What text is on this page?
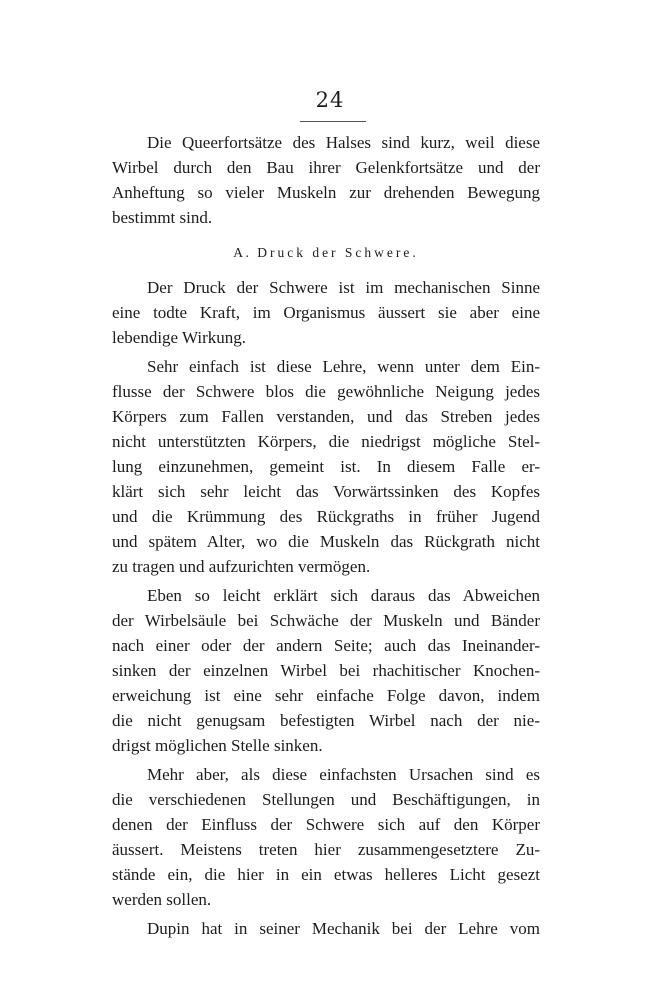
24

Die Queerfortsätze des Halses sind kurz, weil diese
Wirbel durch den Bau ihrer Gelenkfortsätze und der
Anheftung so vieler Muskeln zur drehenden Bewegung
bestimmt sind.

A. Druck der Schwere.

Der Druck der Schwere ist im mechanischen Sinne
eine todte Kraft, im Organismus äussert sie aber eine
lebendige Wirkung.

Sehr einfach ist diese Lehre, wenn unter dem Ein-
flusse der Schwere blos die gewöhnliche Neigung jedes
Körpers zum Fallen verstanden, und das Streben jedes
nicht unterstützten Körpers, die niedrigst mögliche Stel-
lung einzunehmen, gemeint ist. In diesem Falle er-
klärt sich sehr leicht das Vorwärtssinken des Kopfes
und die Krümmung des Rückgraths in früher Jugend
und spätem Alter, wo die Muskeln das Rückgrath nicht
zu tragen und aufzurichten vermögen.

Eben so leicht erklärt sich daraus das Abweichen
der Wirbelsäule bei Schwäche der Muskeln und Bänder
nach einer oder der andern Seite; auch das Ineinander-
sinken der einzelnen Wirbel bei rhachitischer Knochen-
erweichung ist eine sehr einfache Folge davon, indem
die nicht genugsam befestigten Wirbel nach der nie-
drigst möglichen Stelle sinken.

Mehr aber, als diese einfachsten Ursachen sind es
die verschiedenen Stellungen und Beschäftigungen, in
denen der Einfluss der Schwere sich auf den Körper
äussert. Meistens treten hier zusammengesetztere Zu-
stände ein, die hier in ein etwas helleres Licht gesezt
werden sollen.

Dupin hat in seiner Mechanik bei der Lehre vom
